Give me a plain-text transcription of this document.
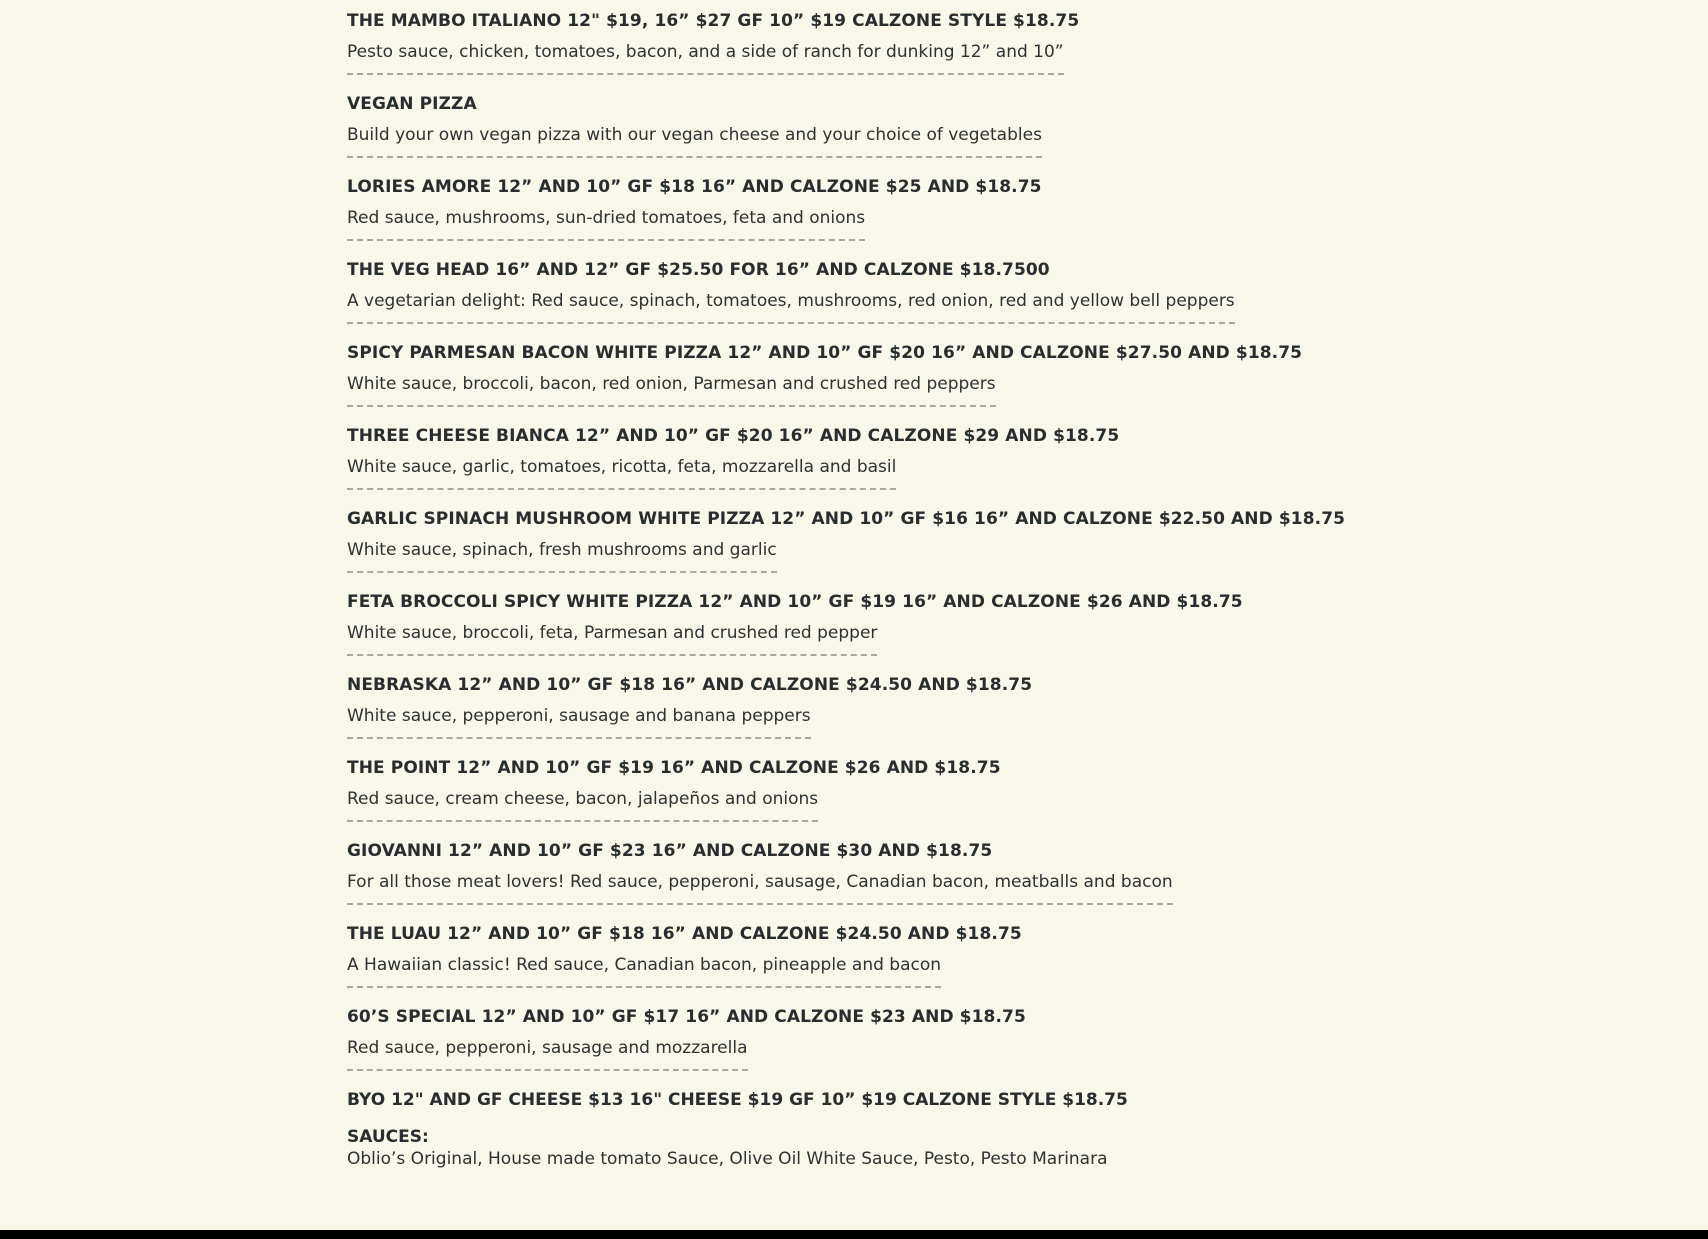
THE MAMBO ITALIANO 12" $19, 16” $27 GF 10” $19 CALZONE STYLE $18.75
Pesto sauce, chicken, tomatoes, bacon, and a side of ranch for dunking 12” and 10”
VEGAN PIZZA
Build your own vegan pizza with our vegan cheese and your choice of vegetables
LORIES AMORE 12” AND 10” GF $18 16” AND CALZONE $25 AND $18.75
Red sauce, mushrooms, sun-dried tomatoes, feta and onions
THE VEG HEAD 16” AND 12” GF $25.50 FOR 16” AND CALZONE $18.7500
A vegetarian delight: Red sauce, spinach, tomatoes, mushrooms, red onion, red and yellow bell peppers
SPICY PARMESAN BACON WHITE PIZZA 12” AND 10” GF $20 16” AND CALZONE $27.50 AND $18.75
White sauce, broccoli, bacon, red onion, Parmesan and crushed red peppers
THREE CHEESE BIANCA 12” AND 10” GF $20 16” AND CALZONE $29 AND $18.75
White sauce, garlic, tomatoes, ricotta, feta, mozzarella and basil
GARLIC SPINACH MUSHROOM WHITE PIZZA 12” AND 10” GF $16 16” AND CALZONE $22.50 AND $18.75
White sauce, spinach, fresh mushrooms and garlic
FETA BROCCOLI SPICY WHITE PIZZA 12” AND 10” GF $19 16” AND CALZONE $26 AND $18.75
White sauce, broccoli, feta, Parmesan and crushed red pepper
NEBRASKA 12” AND 10” GF $18 16” AND CALZONE $24.50 AND $18.75
White sauce, pepperoni, sausage and banana peppers
THE POINT 12” AND 10” GF $19 16” AND CALZONE $26 AND $18.75
Red sauce, cream cheese, bacon, jalapeños and onions
GIOVANNI 12” AND 10” GF $23 16” AND CALZONE $30 AND $18.75
For all those meat lovers! Red sauce, pepperoni, sausage, Canadian bacon, meatballs and bacon
THE LUAU 12” AND 10” GF $18 16” AND CALZONE $24.50 AND $18.75
A Hawaiian classic! Red sauce, Canadian bacon, pineapple and bacon
60’S SPECIAL 12” AND 10” GF $17 16” AND CALZONE $23 AND $18.75
Red sauce, pepperoni, sausage and mozzarella
BYO 12" AND GF CHEESE $13 16" CHEESE $19 GF 10” $19 CALZONE STYLE $18.75
SAUCES:
Oblio’s Original, House made tomato Sauce, Olive Oil White Sauce, Pesto, Pesto Marinara
